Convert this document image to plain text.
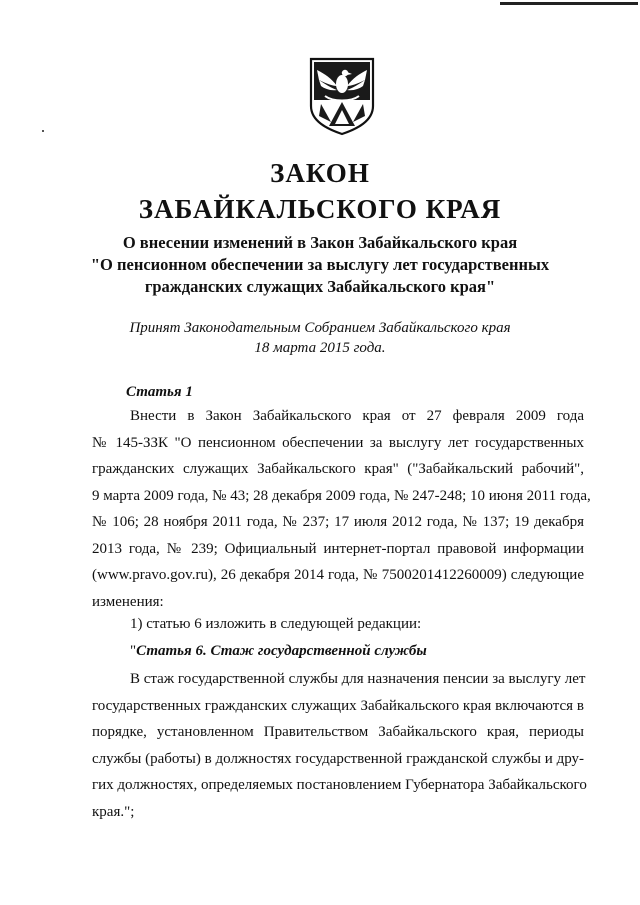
ЗАКОН
ЗАБАЙКАЛЬСКОГО КРАЯ
О внесении изменений в Закон Забайкальского края
"О пенсионном обеспечении за выслугу лет государственных
гражданских служащих Забайкальского края"
Принят Законодательным Собранием Забайкальского края
18 марта 2015 года.
Статья 1
Внести в Закон Забайкальского края от 27 февраля 2009 года
№ 145-ЗЗК "О пенсионном обеспечении за выслугу лет государственных
гражданских служащих Забайкальского края" ("Забайкальский рабочий",
9 марта 2009 года, № 43; 28 декабря 2009 года, № 247-248; 10 июня 2011 года,
№ 106; 28 ноября 2011 года, № 237; 17 июля 2012 года, № 137; 19 декабря
2013 года, № 239; Официальный интернет-портал правовой информации
(www.pravo.gov.ru), 26 декабря 2014 года, № 7500201412260009) следующие
изменения:
1) статью 6 изложить в следующей редакции:
"Статья 6. Стаж государственной службы
В стаж государственной службы для назначения пенсии за выслугу лет
государственных гражданских служащих Забайкальского края включаются в
порядке, установленном Правительством Забайкальского края, периоды
службы (работы) в должностях государственной гражданской службы и дру-
гих должностях, определяемых постановлением Губернатора Забайкальского
края.";
